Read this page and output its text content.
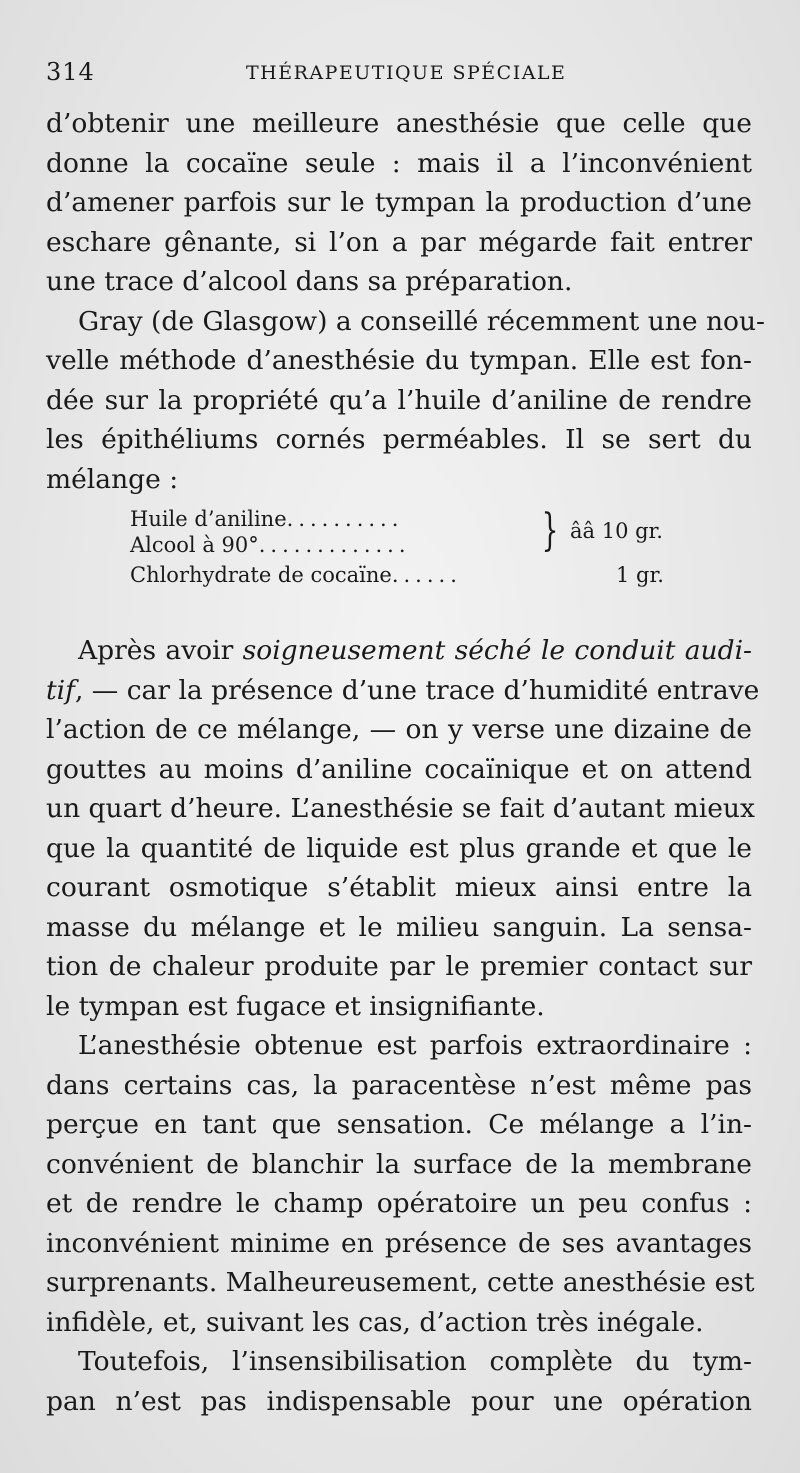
314	THÉRAPEUTIQUE SPÉCIALE
d’obtenir une meilleure anesthésie que celle que
donne la cocaïne seule : mais il a l’inconvénient
d’amener parfois sur le tympan la production d’une
eschare gênante, si l’on a par mégarde fait entrer
une trace d’alcool dans sa préparation.
Gray (de Glasgow) a conseillé récemment une nou-
velle méthode d’anesthésie du tympan. Elle est fon-
dée sur la propriété qu’a l’huile d’aniline de rendre
les épithéliums cornés perméables. Il se sert du
mélange :
Huile d’aniline..........
Alcool à 90°.............	} ââ 10 gr.
Chlorhydrate de cocaïne......	1 gr.
Après avoir soigneusement séché le conduit audi-
tif, — car la présence d’une trace d’humidité entrave
l’action de ce mélange, — on y verse une dizaine de
gouttes au moins d’aniline cocaïnique et on attend
un quart d’heure. L’anesthésie se fait d’autant mieux
que la quantité de liquide est plus grande et que le
courant osmotique s’établit mieux ainsi entre la
masse du mélange et le milieu sanguin. La sensa-
tion de chaleur produite par le premier contact sur
le tympan est fugace et insignifiante.
L’anesthésie obtenue est parfois extraordinaire :
dans certains cas, la paracentèse n’est même pas
perçue en tant que sensation. Ce mélange a l’in-
convénient de blanchir la surface de la membrane
et de rendre le champ opératoire un peu confus :
inconvénient minime en présence de ses avantages
surprenants. Malheureusement, cette anesthésie est
infidèle, et, suivant les cas, d’action très inégale.
Toutefois, l’insensibilisation complète du tym-
pan n’est pas indispensable pour une opération
